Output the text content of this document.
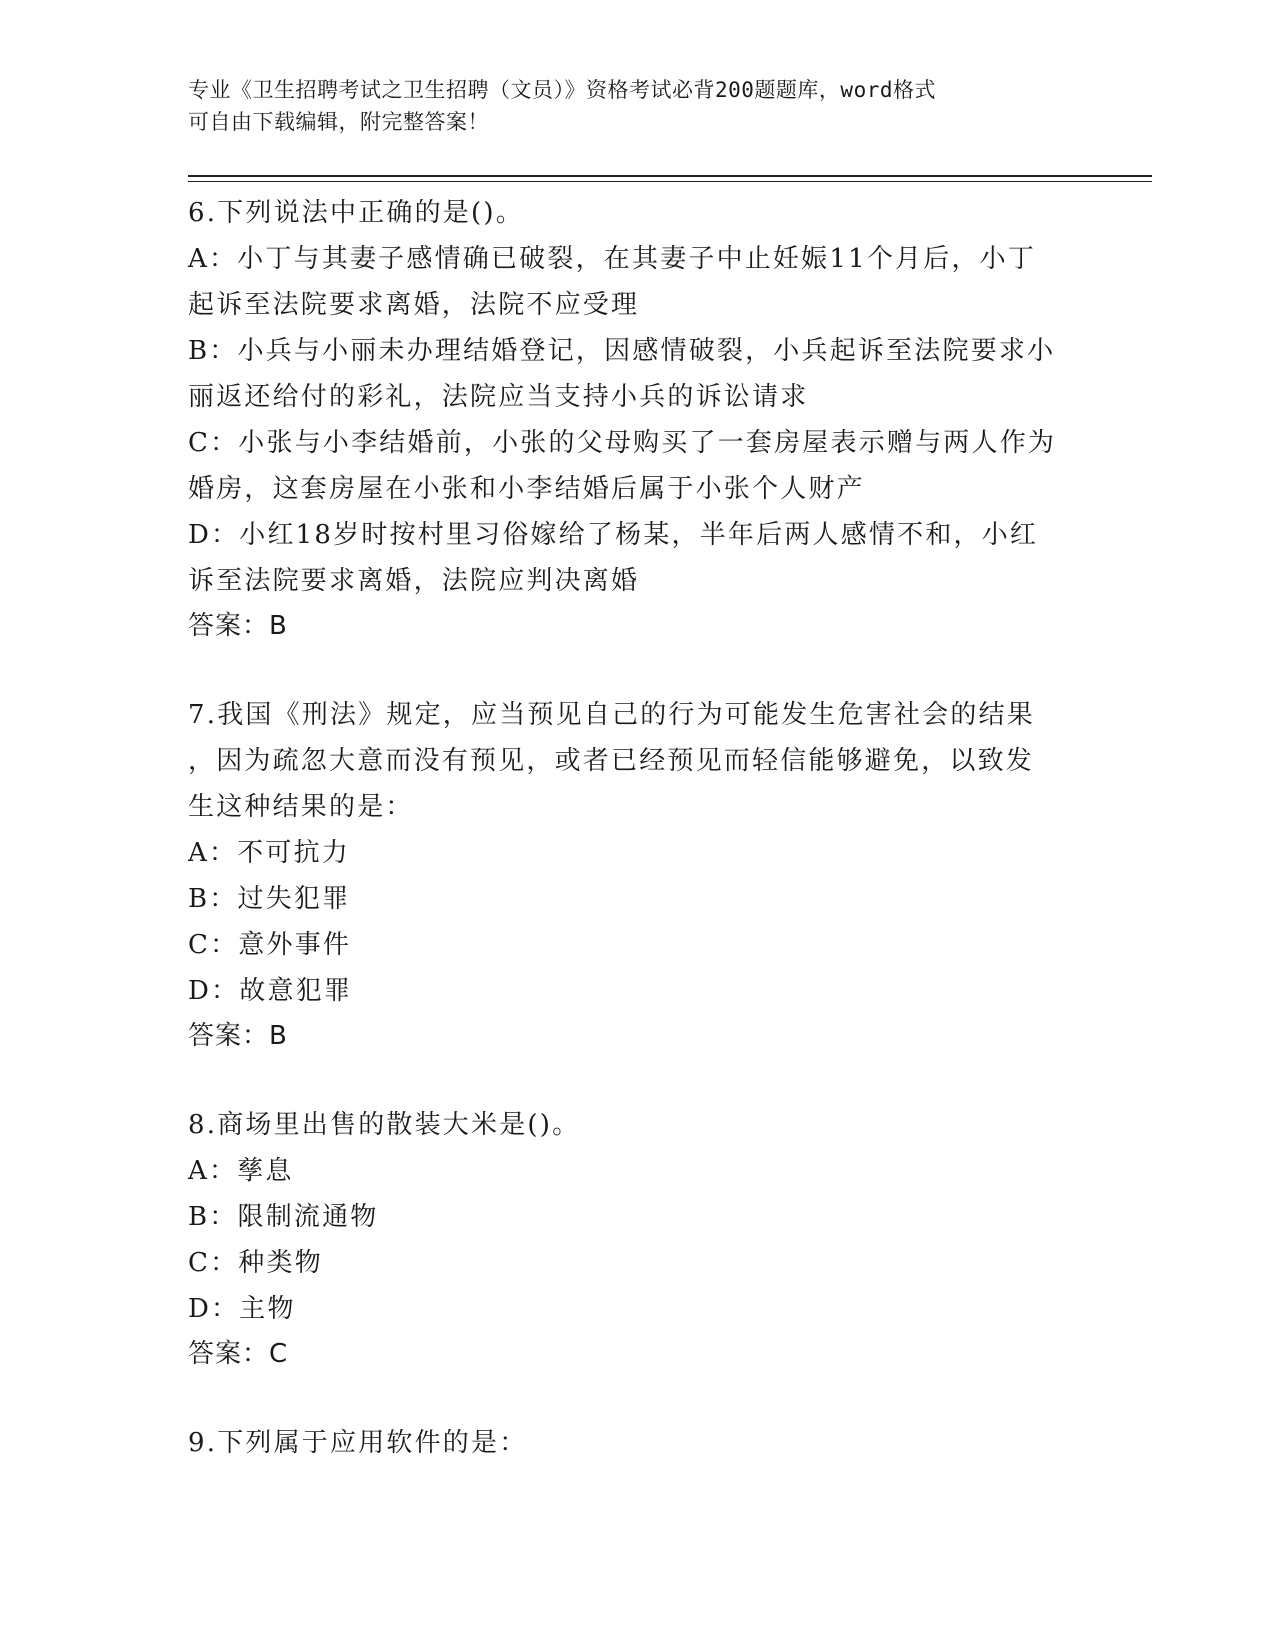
专业《卫生招聘考试之卫生招聘（文员）》资格考试必背200题题库，word格式
可自由下载编辑，附完整答案！
6.下列说法中正确的是()。
A：小丁与其妻子感情确已破裂，在其妻子中止妊娠11个月后，小丁
起诉至法院要求离婚，法院不应受理
B：小兵与小丽未办理结婚登记，因感情破裂，小兵起诉至法院要求小
丽返还给付的彩礼，法院应当支持小兵的诉讼请求
C：小张与小李结婚前，小张的父母购买了一套房屋表示赠与两人作为
婚房，这套房屋在小张和小李结婚后属于小张个人财产
D：小红18岁时按村里习俗嫁给了杨某，半年后两人感情不和，小红
诉至法院要求离婚，法院应判决离婚
答案：B
7.我国《刑法》规定，应当预见自己的行为可能发生危害社会的结果
，因为疏忽大意而没有预见，或者已经预见而轻信能够避免，以致发
生这种结果的是：
A：不可抗力
B：过失犯罪
C：意外事件
D：故意犯罪
答案：B
8.商场里出售的散装大米是()。
A：孳息
B：限制流通物
C：种类物
D：主物
答案：C
9.下列属于应用软件的是：
